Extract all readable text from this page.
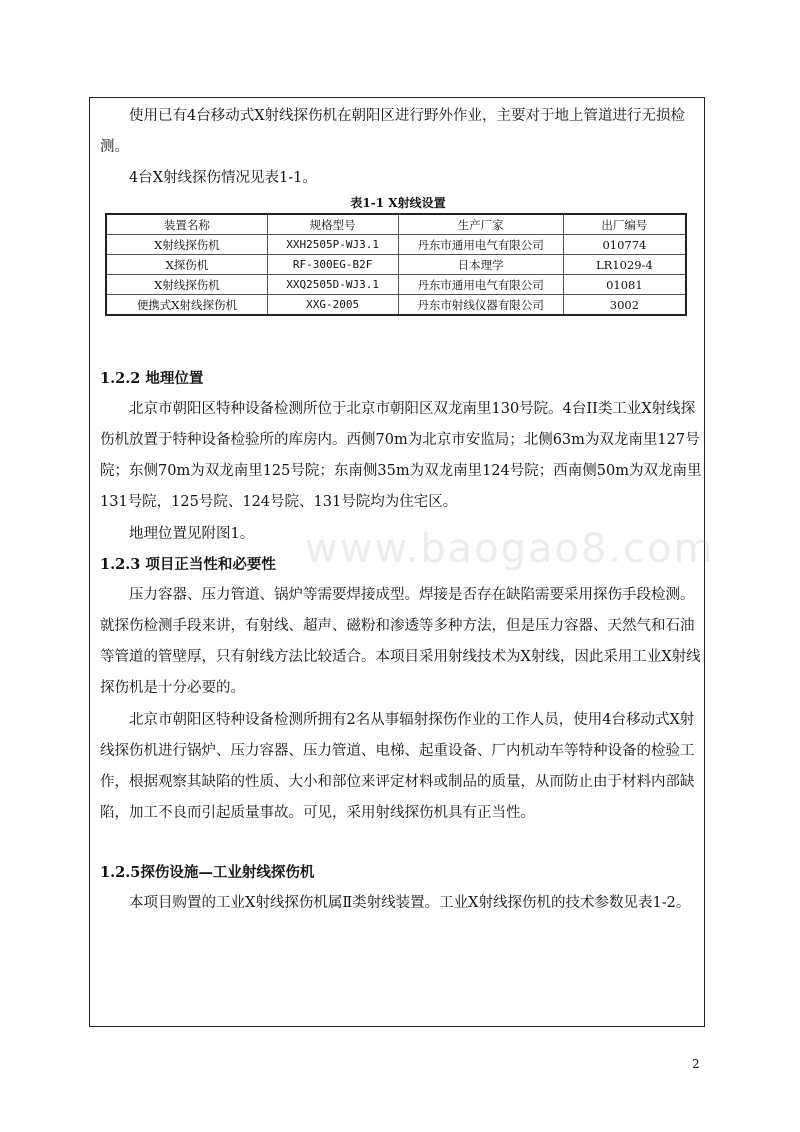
使用已有4台移动式X射线探伤机在朝阳区进行野外作业，主要对于地上管道进行无损检测。

4台X射线探伤情况见表1-1。

表1-1 X射线设置
装置名称	规格型号	生产厂家	出厂编号
X射线探伤机	XXH2505P-WJ3.1	丹东市通用电气有限公司	010774
X探伤机	RF-300EG-B2F	日本理学	LR1029-4
X射线探伤机	XXQ2505D-WJ3.1	丹东市通用电气有限公司	01081
便携式X射线探伤机	XXG-2005	丹东市射线仪器有限公司	3002
1.2.2 地理位置

北京市朝阳区特种设备检测所位于北京市朝阳区双龙南里130号院。4台II类工业X射线探伤机放置于特种设备检验所的库房内。西侧70m为北京市安监局；北侧63m为双龙南里127号院；东侧70m为双龙南里125号院；东南侧35m为双龙南里124号院；西南侧50m为双龙南里131号院，125号院、124号院、131号院均为住宅区。

地理位置见附图1。

1.2.3 项目正当性和必要性

压力容器、压力管道、锅炉等需要焊接成型。焊接是否存在缺陷需要采用探伤手段检测。就探伤检测手段来讲，有射线、超声、磁粉和渗透等多种方法，但是压力容器、天然气和石油等管道的管壁厚，只有射线方法比较适合。本项目采用射线技术为X射线，因此采用工业X射线探伤机是十分必要的。

北京市朝阳区特种设备检测所拥有2名从事辐射探伤作业的工作人员，使用4台移动式X射线探伤机进行锅炉、压力容器、压力管道、电梯、起重设备、厂内机动车等特种设备的检验工作，根据观察其缺陷的性质、大小和部位来评定材料或制品的质量，从而防止由于材料内部缺陷，加工不良而引起质量事故。可见，采用射线探伤机具有正当性。

1.2.5探伤设施—工业射线探伤机

本项目购置的工业X射线探伤机属Ⅱ类射线装置。工业X射线探伤机的技术参数见表1-2。

www.baogao8.com
2
